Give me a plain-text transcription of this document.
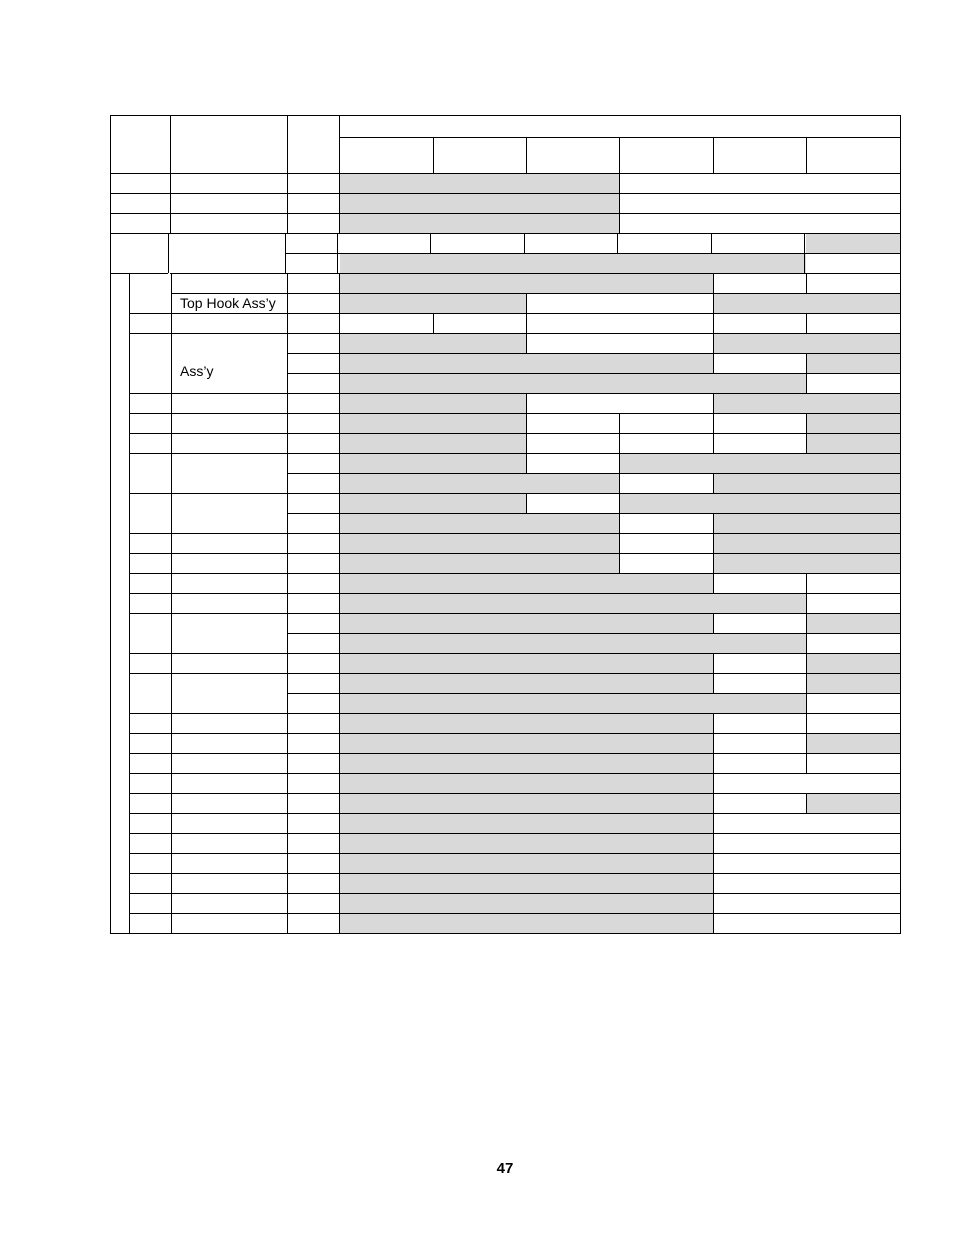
Top Hook Ass’y
Ass’y
47
